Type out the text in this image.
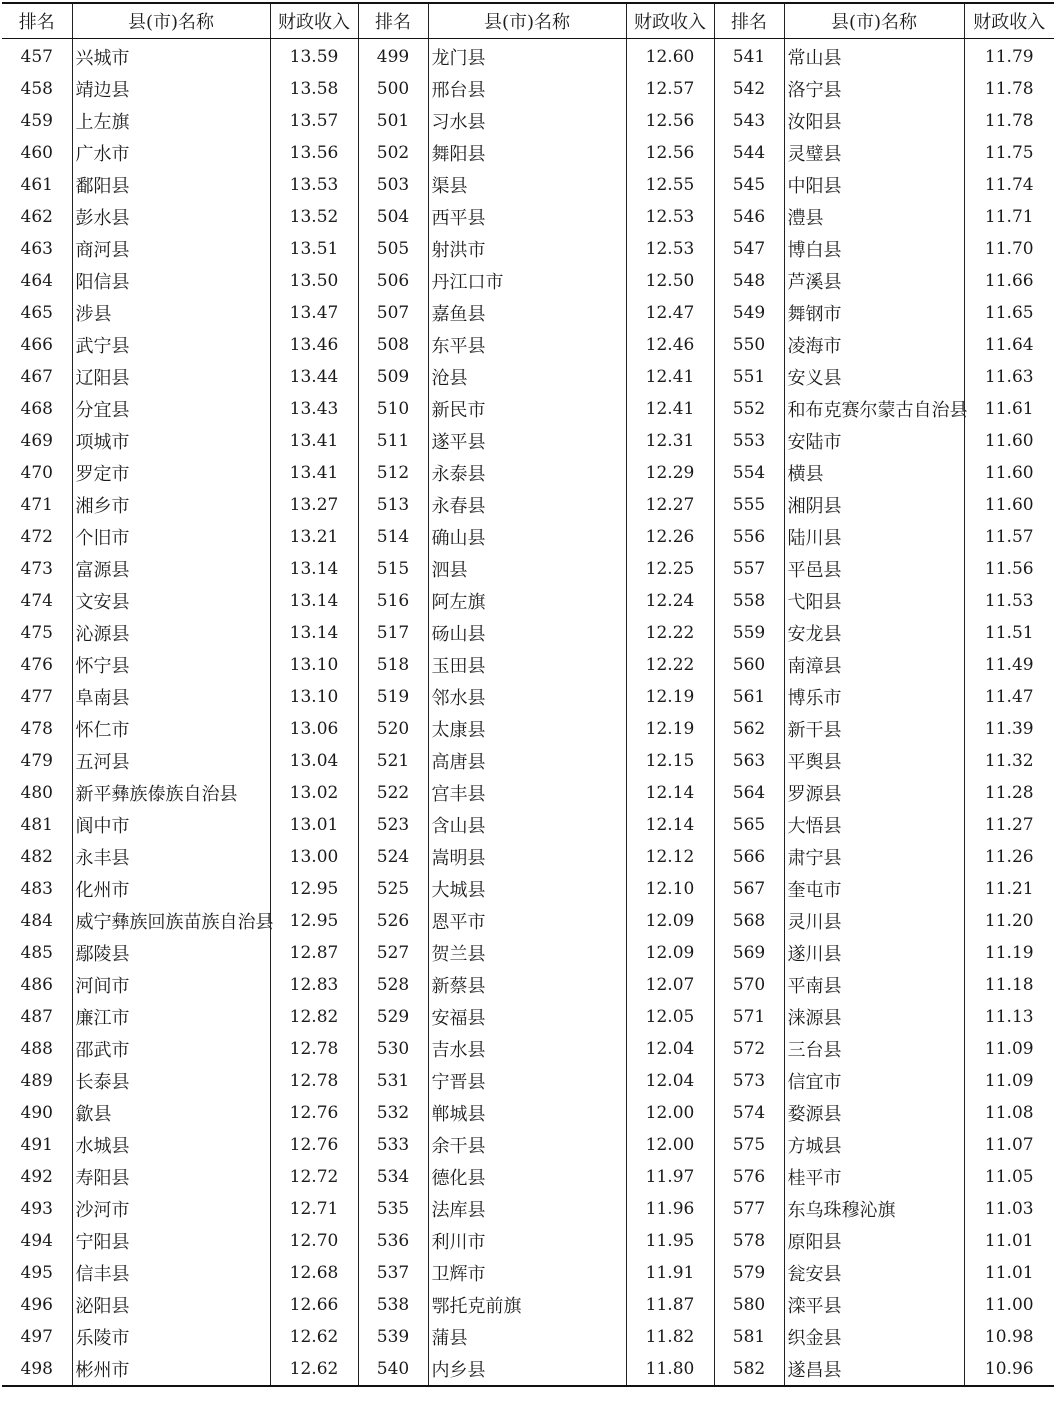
排名	县(市)名称	财政收入	排名	县(市)名称	财政收入	排名	县(市)名称	财政收入
457	兴城市	13.59	499	龙门县	12.60	541	常山县	11.79
458	靖边县	13.58	500	邢台县	12.57	542	洛宁县	11.78
459	上左旗	13.57	501	习水县	12.56	543	汝阳县	11.78
460	广水市	13.56	502	舞阳县	12.56	544	灵璧县	11.75
461	鄱阳县	13.53	503	渠县	12.55	545	中阳县	11.74
462	彭水县	13.52	504	西平县	12.53	546	澧县	11.71
463	商河县	13.51	505	射洪市	12.53	547	博白县	11.70
464	阳信县	13.50	506	丹江口市	12.50	548	芦溪县	11.66
465	涉县	13.47	507	嘉鱼县	12.47	549	舞钢市	11.65
466	武宁县	13.46	508	东平县	12.46	550	凌海市	11.64
467	辽阳县	13.44	509	沧县	12.41	551	安义县	11.63
468	分宜县	13.43	510	新民市	12.41	552	和布克赛尔蒙古自治县	11.61
469	项城市	13.41	511	遂平县	12.31	553	安陆市	11.60
470	罗定市	13.41	512	永泰县	12.29	554	横县	11.60
471	湘乡市	13.27	513	永春县	12.27	555	湘阴县	11.60
472	个旧市	13.21	514	确山县	12.26	556	陆川县	11.57
473	富源县	13.14	515	泗县	12.25	557	平邑县	11.56
474	文安县	13.14	516	阿左旗	12.24	558	弋阳县	11.53
475	沁源县	13.14	517	砀山县	12.22	559	安龙县	11.51
476	怀宁县	13.10	518	玉田县	12.22	560	南漳县	11.49
477	阜南县	13.10	519	邻水县	12.19	561	博乐市	11.47
478	怀仁市	13.06	520	太康县	12.19	562	新干县	11.39
479	五河县	13.04	521	高唐县	12.15	563	平舆县	11.32
480	新平彝族傣族自治县	13.02	522	宫丰县	12.14	564	罗源县	11.28
481	阆中市	13.01	523	含山县	12.14	565	大悟县	11.27
482	永丰县	13.00	524	嵩明县	12.12	566	肃宁县	11.26
483	化州市	12.95	525	大城县	12.10	567	奎屯市	11.21
484	威宁彝族回族苗族自治县	12.95	526	恩平市	12.09	568	灵川县	11.20
485	鄢陵县	12.87	527	贺兰县	12.09	569	遂川县	11.19
486	河间市	12.83	528	新蔡县	12.07	570	平南县	11.18
487	廉江市	12.82	529	安福县	12.05	571	涞源县	11.13
488	邵武市	12.78	530	吉水县	12.04	572	三台县	11.09
489	长泰县	12.78	531	宁晋县	12.04	573	信宜市	11.09
490	歙县	12.76	532	郸城县	12.00	574	婺源县	11.08
491	水城县	12.76	533	余干县	12.00	575	方城县	11.07
492	寿阳县	12.72	534	德化县	11.97	576	桂平市	11.05
493	沙河市	12.71	535	法库县	11.96	577	东乌珠穆沁旗	11.03
494	宁阳县	12.70	536	利川市	11.95	578	原阳县	11.01
495	信丰县	12.68	537	卫辉市	11.91	579	瓮安县	11.01
496	泌阳县	12.66	538	鄂托克前旗	11.87	580	滦平县	11.00
497	乐陵市	12.62	539	蒲县	11.82	581	织金县	10.98
498	彬州市	12.62	540	内乡县	11.80	582	遂昌县	10.96
